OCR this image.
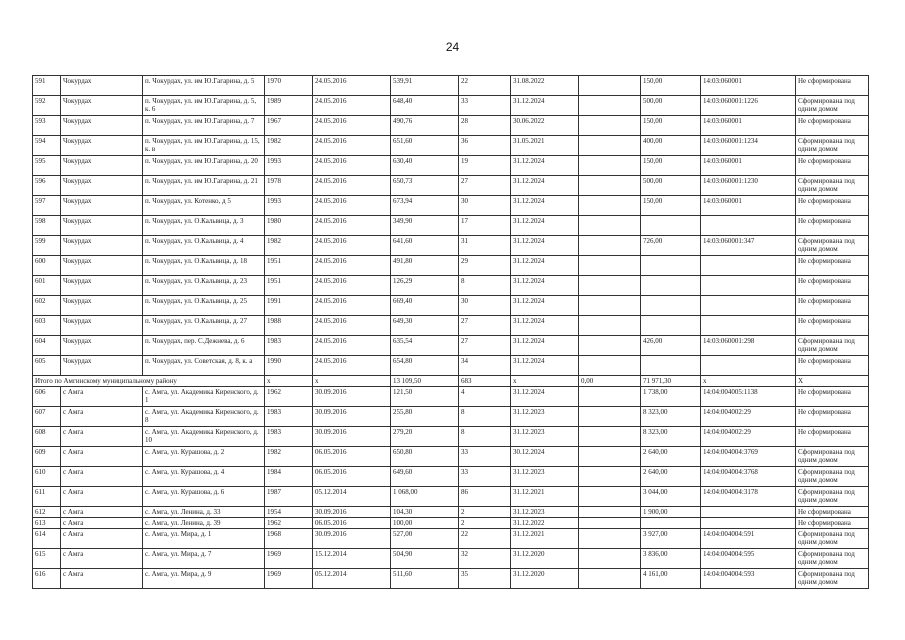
24
591	Чокурдах	п. Чокурдах, ул. им Ю.Гагарина, д. 5	1970	24.05.2016	539,91	22	31.08.2022		150,00	14:03:060001	Не сформирована
592	Чокурдах	п. Чокурдах, ул. им Ю.Гагарина, д. 5, к. 6	1989	24.05.2016	648,40	33	31.12.2024		500,00	14:03:060001:1226	Сформирована под одним домом
593	Чокурдах	п. Чокурдах, ул. им Ю.Гагарина, д. 7	1967	24.05.2016	490,76	28	30.06.2022		150,00	14:03:060001	Не сформирована
594	Чокурдах	п. Чокурдах, ул. им Ю.Гагарина, д. 15, к. в	1982	24.05.2016	651,60	36	31.05.2021		400,00	14:03:060001:1234	Сформирована под одним домом
595	Чокурдах	п. Чокурдах, ул. им Ю.Гагарина, д. 20	1993	24.05.2016	630,40	19	31.12.2024		150,00	14:03:060001	Не сформирована
596	Чокурдах	п. Чокурдах, ул. им Ю.Гагарина, д. 21	1978	24.05.2016	650,73	27	31.12.2024		500,00	14:03:060001:1230	Сформирована под одним домом
597	Чокурдах	п. Чокурдах, ул. Котенко, д 5	1993	24.05.2016	673,94	30	31.12.2024		150,00	14:03:060001	Не сформирована
598	Чокурдах	п. Чокурдах, ул. О.Кальвица, д. 3	1980	24.05.2016	349,90	17	31.12.2024				Не сформирована
599	Чокурдах	п. Чокурдах, ул. О.Кальвица, д. 4	1982	24.05.2016	641,60	31	31.12.2024		726,00	14:03:060001:347	Сформирована под одним домом
600	Чокурдах	п. Чокурдах, ул. О.Кальвица, д. 18	1951	24.05.2016	491,80	29	31.12.2024				Не сформирована
601	Чокурдах	п. Чокурдах, ул. О.Кальвица, д. 23	1951	24.05.2016	126,29	8	31.12.2024				Не сформирована
602	Чокурдах	п. Чокурдах, ул. О.Кальвица, д. 25	1991	24.05.2016	669,40	30	31.12.2024				Не сформирована
603	Чокурдах	п. Чокурдах, ул. О.Кальвица, д. 27	1988	24.05.2016	649,30	27	31.12.2024				Не сформирована
604	Чокурдах	п. Чокурдах, пер. С.Дежнева, д. 6	1983	24.05.2016	635,54	27	31.12.2024		426,00	14:03:060001:298	Сформирована под одним домом
605	Чокурдах	п. Чокурдах, ул. Советская, д. 8, к. а	1990	24.05.2016	654,80	34	31.12.2024				Не сформирована
Итого по Амгинскому муниципальному району			х	х	13 109,50	683	х	0,00	71 971,30	х	Х
606	с Амга	с. Амга, ул. Академика Киренского, д. 1	1962	30.09.2016	121,50	4	31.12.2024		1 738,00	14:04:004005:1138	Не сформирована
607	с Амга	с. Амга, ул. Академика Киренского, д. 8	1983	30.09.2016	255,80	8	31.12.2023		8 323,00	14:04:004002:29	Не сформирована
608	с Амга	с. Амга, ул. Академика Киренского, д. 10	1983	30.09.2016	279,20	8	31.12.2023		8 323,00	14:04:004002:29	Не сформирована
609	с Амга	с. Амга, ул. Курашова, д. 2	1982	06.05.2016	650,80	33	30.12.2024		2 640,00	14:04:004004:3769	Сформирована под одним домом
610	с Амга	с. Амга, ул. Курашова, д. 4	1984	06.05.2016	649,60	33	31.12.2023		2 640,00	14:04:004004:3768	Сформирована под одним домом
611	с Амга	с. Амга, ул. Курашова, д. 6	1987	05.12.2014	1 068,00	86	31.12.2021		3 044,00	14:04:004004:3178	Сформирована под одним домом
612	с Амга	с. Амга, ул. Ленина, д. 33	1954	30.09.2016	104,30	2	31.12.2023		1 900,00		Не сформирована
613	с Амга	с. Амга, ул. Ленина, д. 39	1962	06.05.2016	100,00	2	31.12.2022				Не сформирована
614	с Амга	с. Амга, ул. Мира, д. 1	1968	30.09.2016	527,00	22	31.12.2021		3 927,00	14:04:004004:591	Сформирована под одним домом
615	с Амга	с. Амга, ул. Мира, д. 7	1969	15.12.2014	504,90	32	31.12.2020		3 836,00	14:04:004004:595	Сформирована под одним домом
616	с Амга	с. Амга, ул. Мира, д. 9	1969	05.12.2014	511,60	35	31.12.2020		4 161,00	14:04:004004:593	Сформирована под одним домом
